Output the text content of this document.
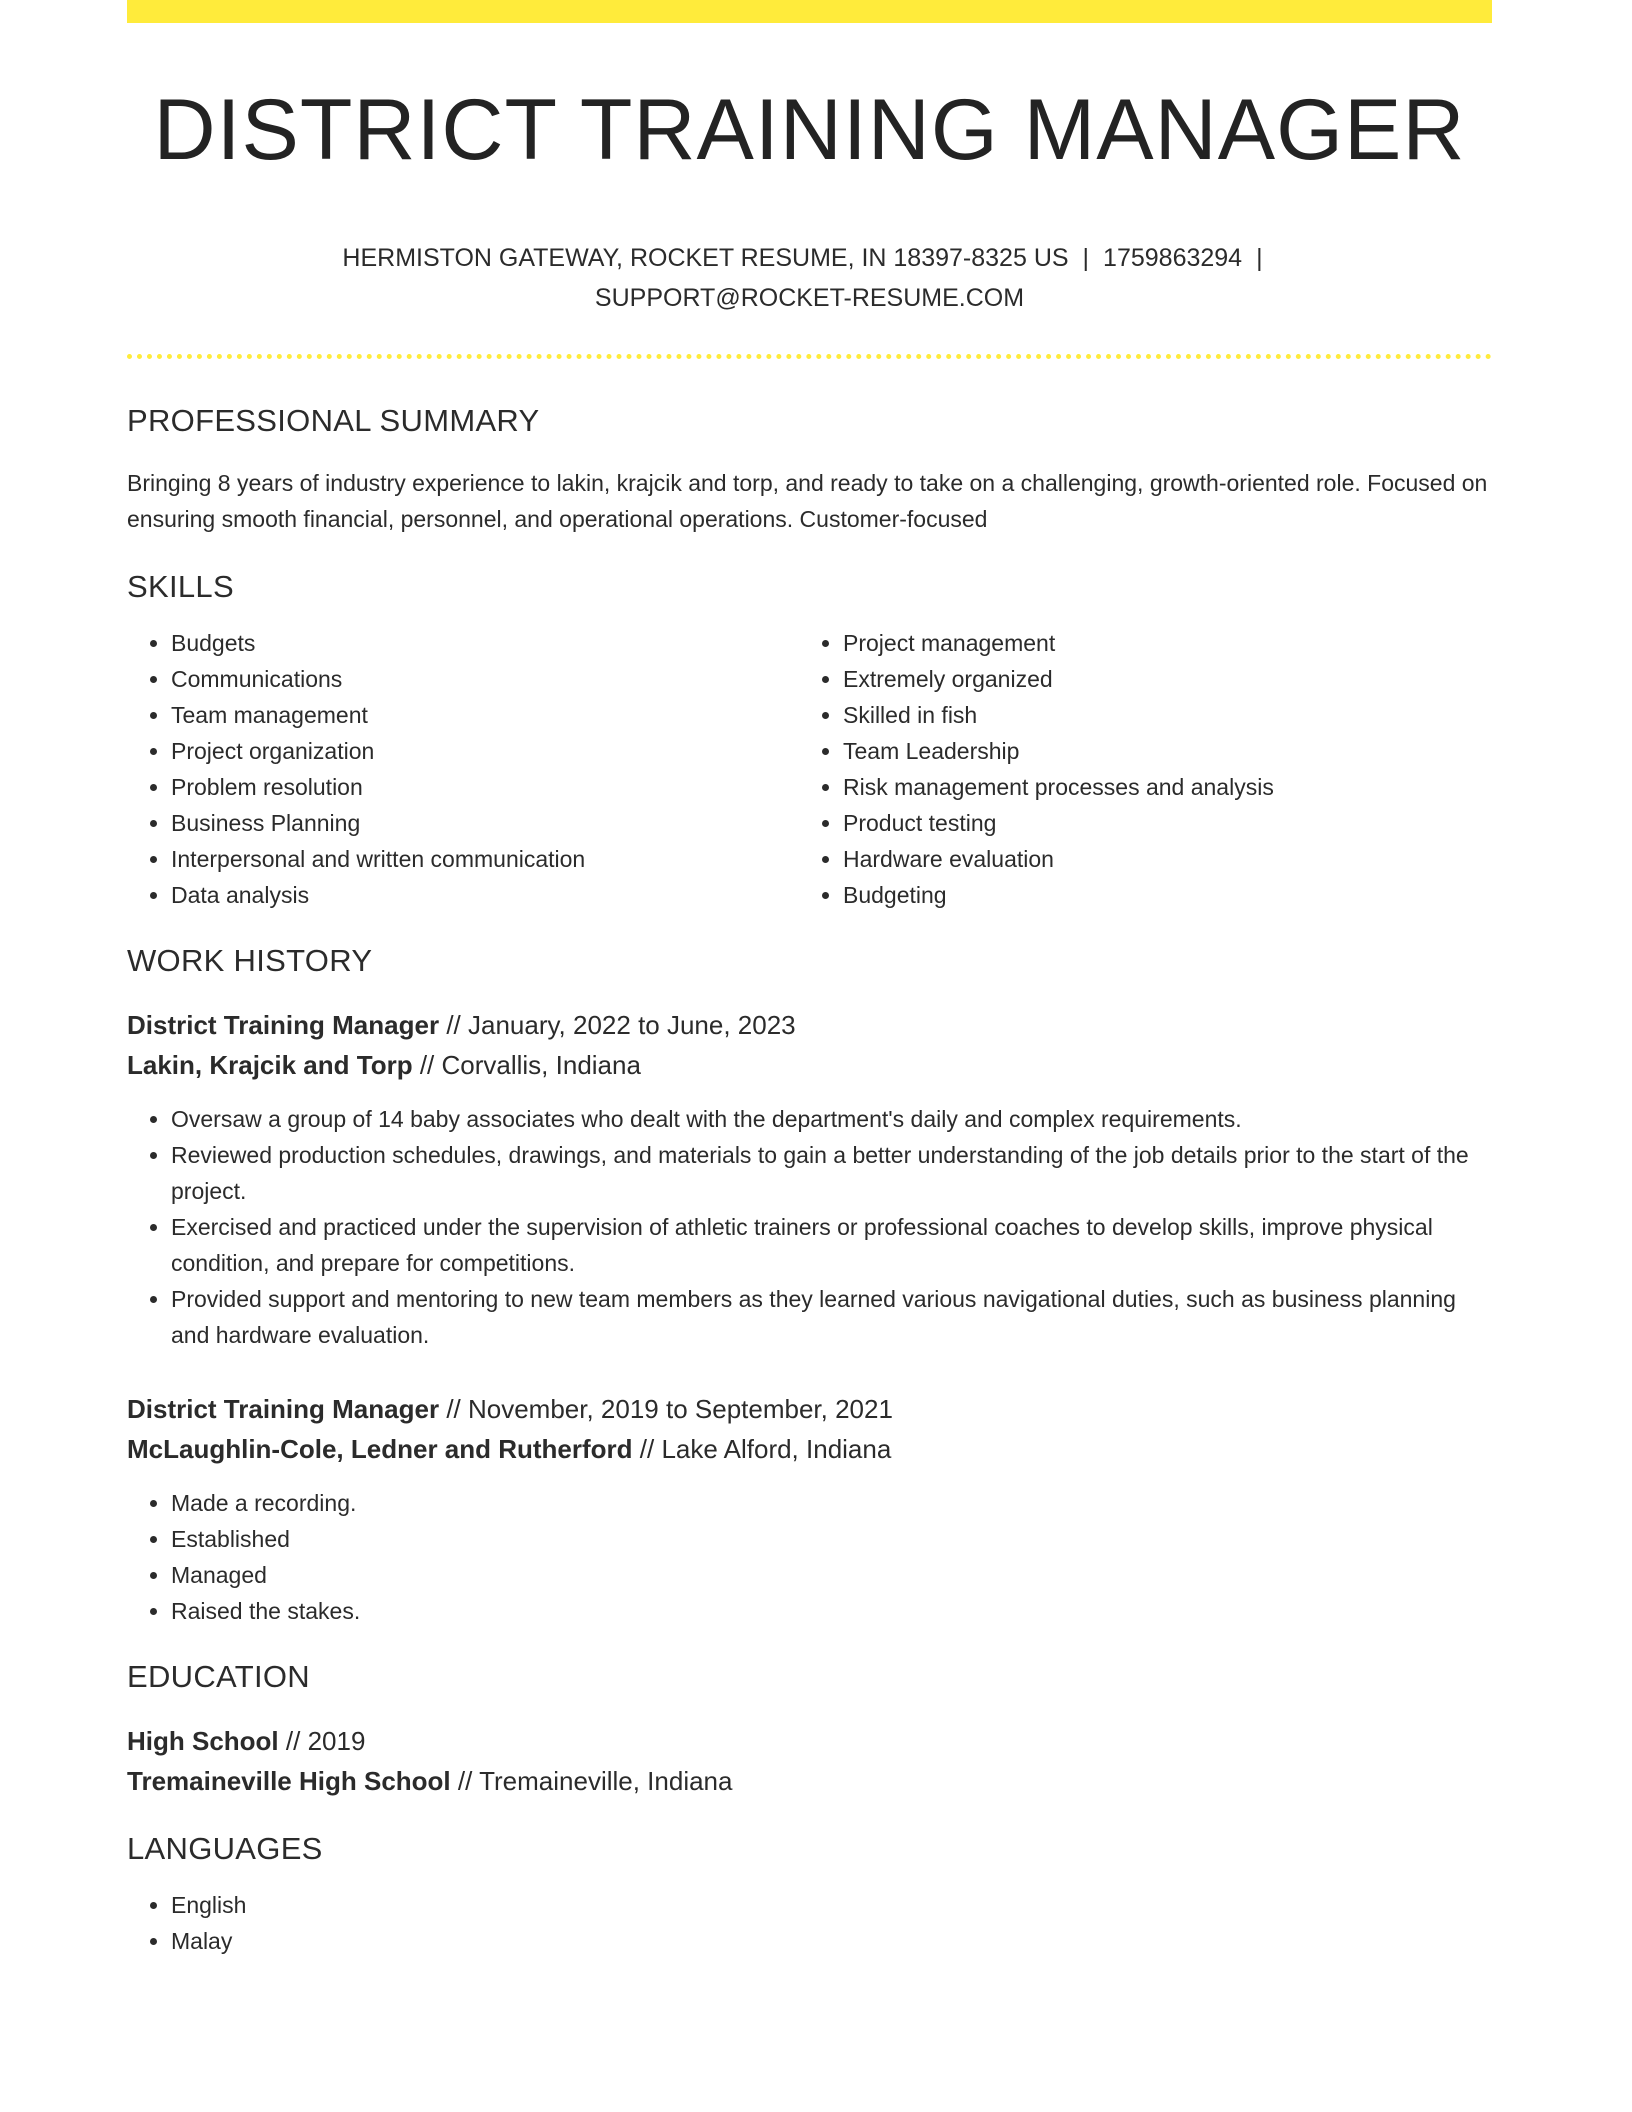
DISTRICT TRAINING MANAGER
HERMISTON GATEWAY, ROCKET RESUME, IN 18397-8325 US | 1759863294 |
SUPPORT@ROCKET-RESUME.COM
PROFESSIONAL SUMMARY

Bringing 8 years of industry experience to lakin, krajcik and torp, and ready to take on a challenging, growth-oriented role. Focused on ensuring smooth financial, personnel, and operational operations. Customer-focused

SKILLS
• Budgets
• Communications
• Team management
• Project organization
• Problem resolution
• Business Planning
• Interpersonal and written communication
• Data analysis
• Project management
• Extremely organized
• Skilled in fish
• Team Leadership
• Risk management processes and analysis
• Product testing
• Hardware evaluation
• Budgeting
WORK HISTORY
District Training Manager // January, 2022 to June, 2023
Lakin, Krajcik and Torp // Corvallis, Indiana
• Oversaw a group of 14 baby associates who dealt with the department's daily and complex requirements.
• Reviewed production schedules, drawings, and materials to gain a better understanding of the job details prior to the start of the project.
• Exercised and practiced under the supervision of athletic trainers or professional coaches to develop skills, improve physical condition, and prepare for competitions.
• Provided support and mentoring to new team members as they learned various navigational duties, such as business planning and hardware evaluation.
District Training Manager // November, 2019 to September, 2021
McLaughlin-Cole, Ledner and Rutherford // Lake Alford, Indiana
• Made a recording.
• Established
• Managed
• Raised the stakes.
EDUCATION
High School // 2019
Tremaineville High School // Tremaineville, Indiana
LANGUAGES
• English
• Malay
